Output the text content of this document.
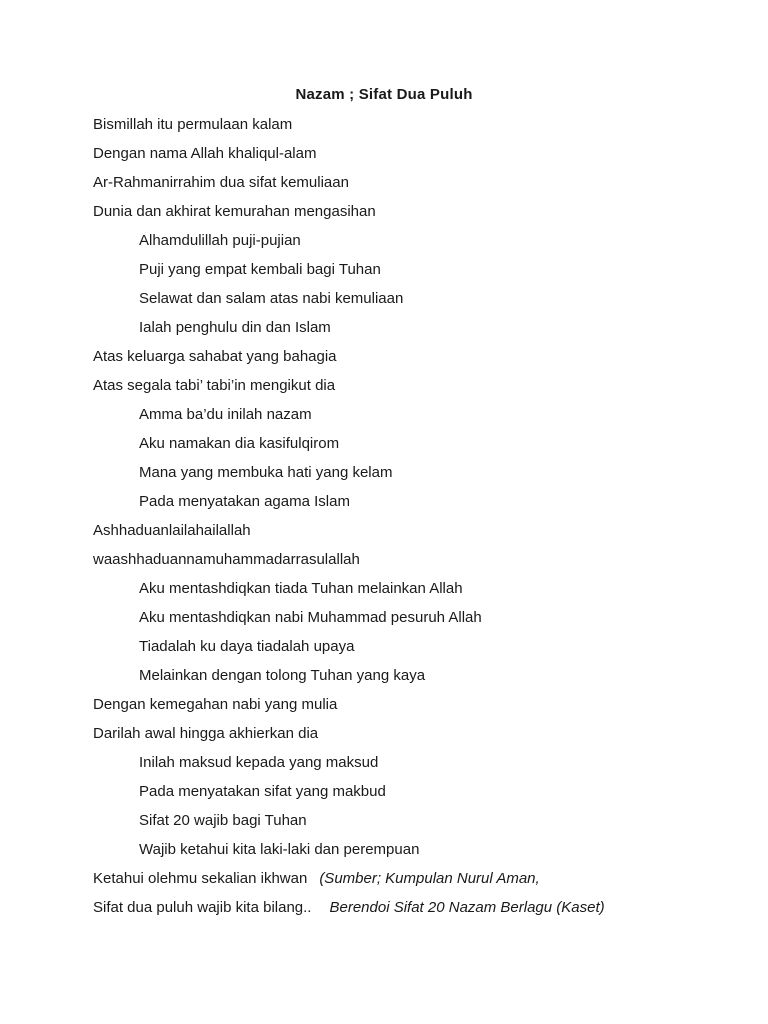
Nazam ; Sifat Dua Puluh
Bismillah itu permulaan kalam
Dengan nama Allah khaliqul-alam
Ar-Rahmanirrahim dua sifat kemuliaan
Dunia dan akhirat kemurahan mengasihan
Alhamdulillah puji-pujian
Puji yang empat kembali bagi Tuhan
Selawat dan salam atas nabi kemuliaan
Ialah penghulu din dan Islam
Atas keluarga sahabat yang bahagia
Atas segala tabi’ tabi’in mengikut dia
Amma ba’du inilah nazam
Aku namakan dia kasifulqirom
Mana yang membuka hati yang kelam
Pada menyatakan agama Islam
Ashhaduanlailahailallah
waashhaduannamuhammadarrasulallah
Aku mentashdiqkan tiada Tuhan melainkan Allah
Aku mentashdiqkan nabi Muhammad pesuruh Allah
Tiadalah ku daya tiadalah upaya
Melainkan dengan tolong Tuhan yang kaya
Dengan kemegahan nabi yang mulia
Darilah awal hingga akhierkan dia
Inilah maksud kepada yang maksud
Pada menyatakan sifat yang makbud
Sifat 20 wajib bagi Tuhan
Wajib ketahui kita laki-laki dan perempuan
Ketahui olehmu sekalian ikhwan (Sumber; Kumpulan Nurul Aman,
Sifat dua puluh wajib kita bilang.. Berendoi Sifat 20 Nazam Berlagu (Kaset)
